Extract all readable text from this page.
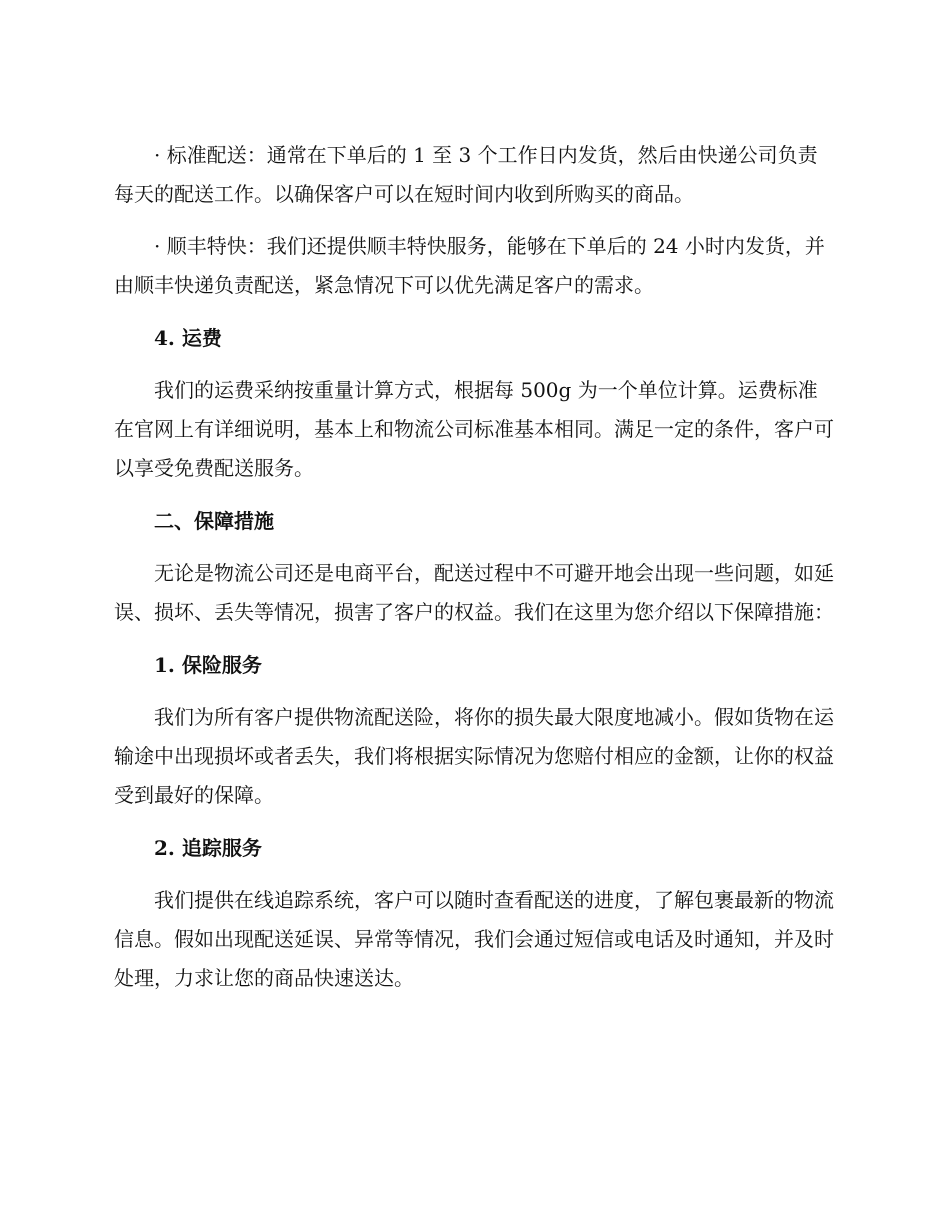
· 标准配送：通常在下单后的 1 至 3 个工作日内发货，然后由快递公司负责每天的配送工作。以确保客户可以在短时间内收到所购买的商品。

· 顺丰特快：我们还提供顺丰特快服务，能够在下单后的 24 小时内发货，并由顺丰快递负责配送，紧急情况下可以优先满足客户的需求。

4. 运费

我们的运费采纳按重量计算方式，根据每 500g 为一个单位计算。运费标准在官网上有详细说明，基本上和物流公司标准基本相同。满足一定的条件，客户可以享受免费配送服务。

二、保障措施

无论是物流公司还是电商平台，配送过程中不可避开地会出现一些问题，如延误、损坏、丢失等情况，损害了客户的权益。我们在这里为您介绍以下保障措施：

1. 保险服务

我们为所有客户提供物流配送险，将你的损失最大限度地减小。假如货物在运输途中出现损坏或者丢失，我们将根据实际情况为您赔付相应的金额，让你的权益受到最好的保障。

2. 追踪服务

我们提供在线追踪系统，客户可以随时查看配送的进度，了解包裹最新的物流信息。假如出现配送延误、异常等情况，我们会通过短信或电话及时通知，并及时处理，力求让您的商品快速送达。
